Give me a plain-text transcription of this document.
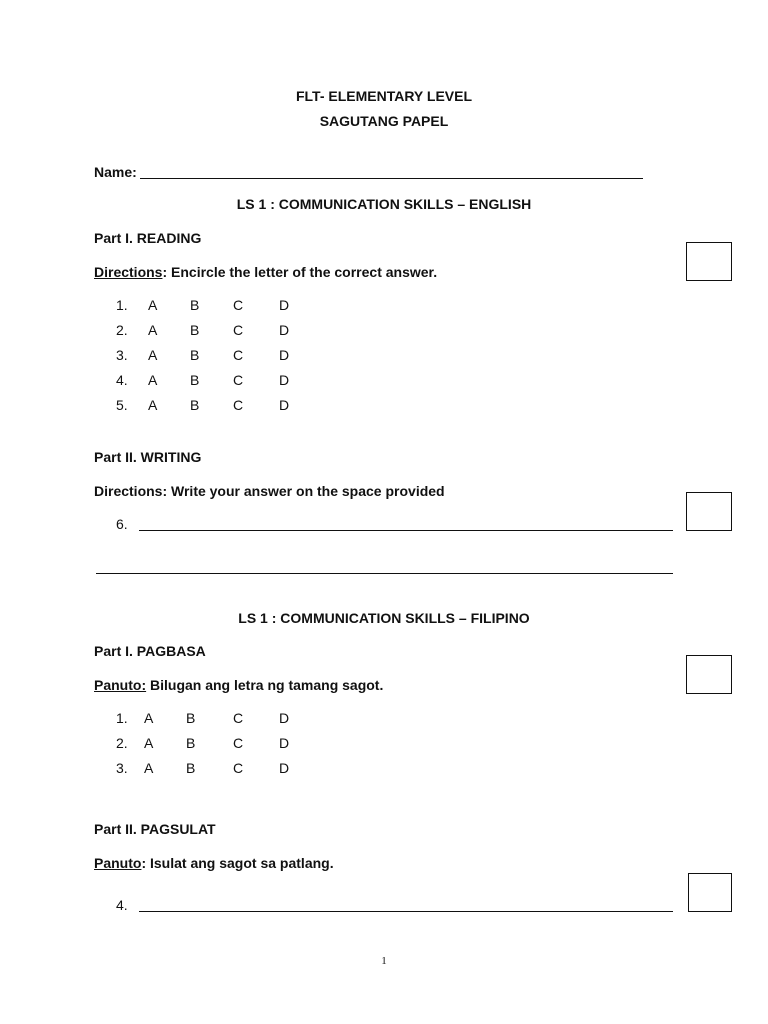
FLT- ELEMENTARY LEVEL
SAGUTANG PAPEL
Name:
LS 1 : COMMUNICATION SKILLS – ENGLISH
Part I. READING
Directions: Encircle the letter of the correct answer.
1. A B C	D
2. A B C	D
3. A B C	D
4. A B C	D
5. A B C	D
Part II. WRITING
Directions: Write your answer on the space provided
6.
LS 1 : COMMUNICATION SKILLS – FILIPINO
Part I. PAGBASA
Panuto: Bilugan ang letra ng tamang sagot.
1. A B	C	D
2. A B	C	D
3. A B	C	D
Part II. PAGSULAT
Panuto: Isulat ang sagot sa patlang.
4.
1
